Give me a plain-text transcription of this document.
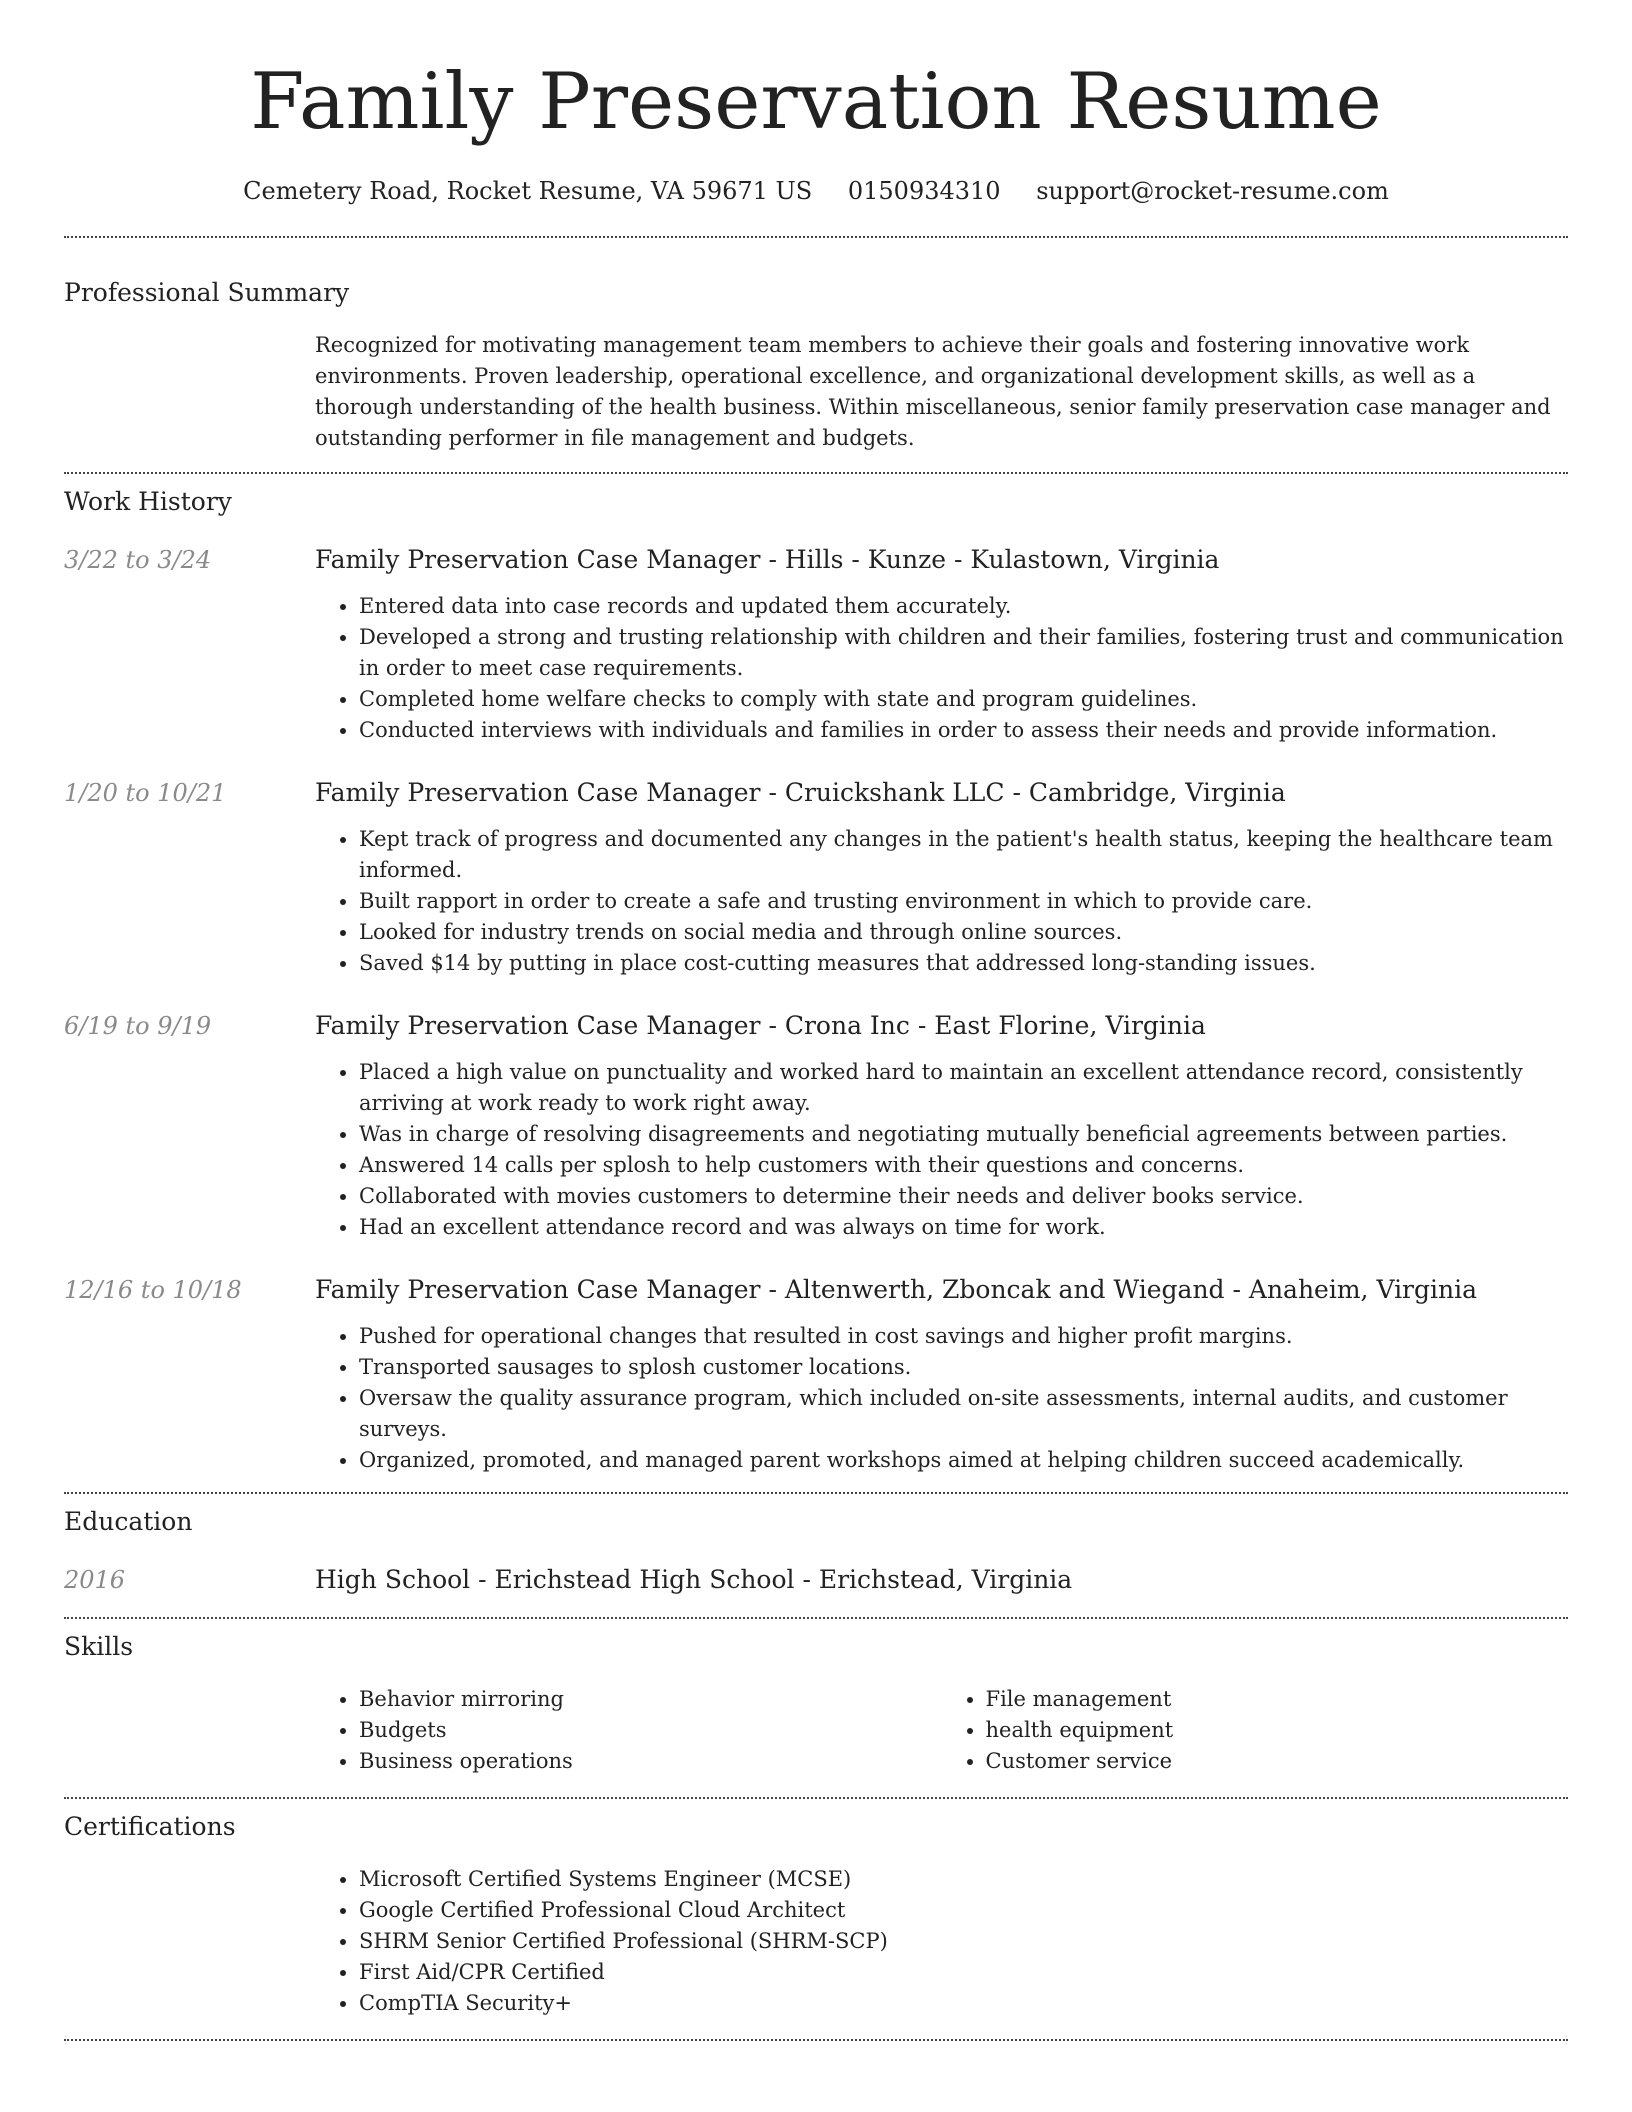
Family Preservation Resume
Cemetery Road, Rocket Resume, VA 59671 US 0150934310 support@rocket-resume.com
Professional Summary
Recognized for motivating management team members to achieve their goals and fostering innovative work environments. Proven leadership, operational excellence, and organizational development skills, as well as a thorough understanding of the health business. Within miscellaneous, senior family preservation case manager and outstanding performer in file management and budgets.
Work History
3/22 to 3/24	Family Preservation Case Manager - Hills - Kunze - Kulastown, Virginia
• Entered data into case records and updated them accurately.
• Developed a strong and trusting relationship with children and their families, fostering trust and communication in order to meet case requirements.
• Completed home welfare checks to comply with state and program guidelines.
• Conducted interviews with individuals and families in order to assess their needs and provide information.
1/20 to 10/21	Family Preservation Case Manager - Cruickshank LLC - Cambridge, Virginia
• Kept track of progress and documented any changes in the patient's health status, keeping the healthcare team informed.
• Built rapport in order to create a safe and trusting environment in which to provide care.
• Looked for industry trends on social media and through online sources.
• Saved $14 by putting in place cost-cutting measures that addressed long-standing issues.
6/19 to 9/19	Family Preservation Case Manager - Crona Inc - East Florine, Virginia
• Placed a high value on punctuality and worked hard to maintain an excellent attendance record, consistently arriving at work ready to work right away.
• Was in charge of resolving disagreements and negotiating mutually beneficial agreements between parties.
• Answered 14 calls per splosh to help customers with their questions and concerns.
• Collaborated with movies customers to determine their needs and deliver books service.
• Had an excellent attendance record and was always on time for work.
12/16 to 10/18	Family Preservation Case Manager - Altenwerth, Zboncak and Wiegand - Anaheim, Virginia
• Pushed for operational changes that resulted in cost savings and higher profit margins.
• Transported sausages to splosh customer locations.
• Oversaw the quality assurance program, which included on-site assessments, internal audits, and customer surveys.
• Organized, promoted, and managed parent workshops aimed at helping children succeed academically.
Education
2016	High School - Erichstead High School - Erichstead, Virginia
Skills
• Behavior mirroring
• Budgets
• Business operations
• File management
• health equipment
• Customer service
Certifications
• Microsoft Certified Systems Engineer (MCSE)
• Google Certified Professional Cloud Architect
• SHRM Senior Certified Professional (SHRM-SCP)
• First Aid/CPR Certified
• CompTIA Security+
